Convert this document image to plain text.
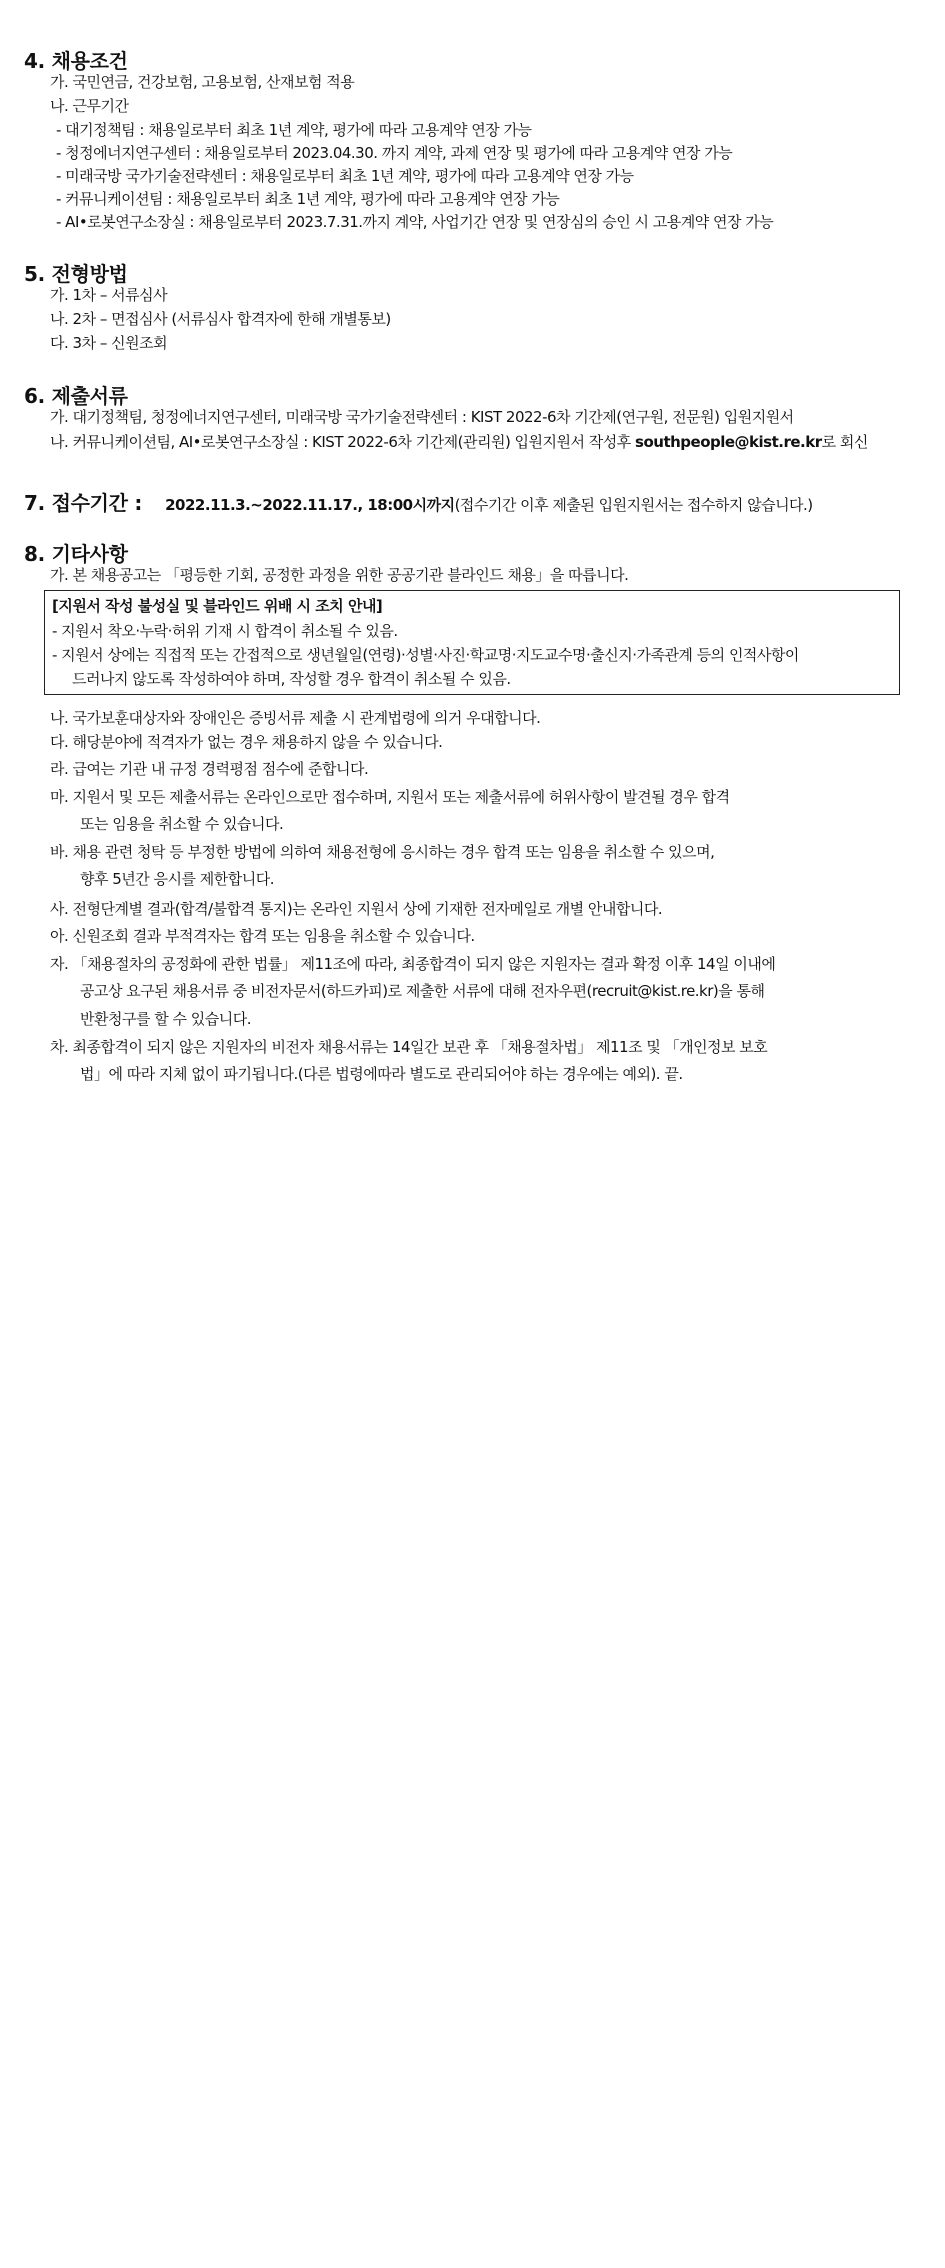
4. 채용조건
가. 국민연금, 건강보험, 고용보험, 산재보험 적용
나. 근무기간
- 대기정책팀 : 채용일로부터 최초 1년 계약, 평가에 따라 고용계약 연장 가능
- 청정에너지연구센터 : 채용일로부터 2023.04.30. 까지 계약, 과제 연장 및 평가에 따라 고용계약 연장 가능
- 미래국방 국가기술전략센터 : 채용일로부터 최초 1년 계약, 평가에 따라 고용계약 연장 가능
- 커뮤니케이션팀 : 채용일로부터 최초 1년 계약, 평가에 따라 고용계약 연장 가능
- AI•로봇연구소장실 : 채용일로부터 2023.7.31.까지 계약, 사업기간 연장 및 연장심의 승인 시 고용계약 연장 가능
5. 전형방법
가. 1차 – 서류심사
나. 2차 – 면접심사 (서류심사 합격자에 한해 개별통보)
다. 3차 – 신원조회
6. 제출서류
가. 대기정책팀, 청정에너지연구센터, 미래국방 국가기술전략센터 : KIST 2022-6차 기간제(연구원, 전문원) 입원지원서
나. 커뮤니케이션팀, AI•로봇연구소장실 : KIST 2022-6차 기간제(관리원) 입원지원서 작성후 southpeople@kist.re.kr로 회신
7. 접수기간 : 2022.11.3.~2022.11.17., 18:00시까지(접수기간 이후 제출된 입원지원서는 접수하지 않습니다.)
8. 기타사항
가. 본 채용공고는 「평등한 기회, 공정한 과정을 위한 공공기관 블라인드 채용」을 따릅니다.
[지원서 작성 불성실 및 블라인드 위배 시 조치 안내]
- 지원서 착오·누락·허위 기재 시 합격이 취소될 수 있음.
- 지원서 상에는 직접적 또는 간접적으로 생년월일(연령)·성별·사진·학교명·지도교수명·출신지·가족관계 등의 인적사항이
드러나지 않도록 작성하여야 하며, 작성할 경우 합격이 취소될 수 있음.
나. 국가보훈대상자와 장애인은 증빙서류 제출 시 관계법령에 의거 우대합니다.
다. 해당분야에 적격자가 없는 경우 채용하지 않을 수 있습니다.
라. 급여는 기관 내 규정 경력평점 점수에 준합니다.
마. 지원서 및 모든 제출서류는 온라인으로만 접수하며, 지원서 또는 제출서류에 허위사항이 발견될 경우 합격
또는 임용을 취소할 수 있습니다.
바. 채용 관련 청탁 등 부정한 방법에 의하여 채용전형에 응시하는 경우 합격 또는 임용을 취소할 수 있으며,
향후 5년간 응시를 제한합니다.
사. 전형단계별 결과(합격/불합격 통지)는 온라인 지원서 상에 기재한 전자메일로 개별 안내합니다.
아. 신원조회 결과 부적격자는 합격 또는 임용을 취소할 수 있습니다.
자. 「채용절차의 공정화에 관한 법률」 제11조에 따라, 최종합격이 되지 않은 지원자는 결과 확정 이후 14일 이내에
공고상 요구된 채용서류 중 비전자문서(하드카피)로 제출한 서류에 대해 전자우편(recruit@kist.re.kr)을 통해
반환청구를 할 수 있습니다.
차. 최종합격이 되지 않은 지원자의 비전자 채용서류는 14일간 보관 후 「채용절차법」 제11조 및 「개인정보 보호
법」에 따라 지체 없이 파기됩니다.(다른 법령에따라 별도로 관리되어야 하는 경우에는 예외). 끝.
